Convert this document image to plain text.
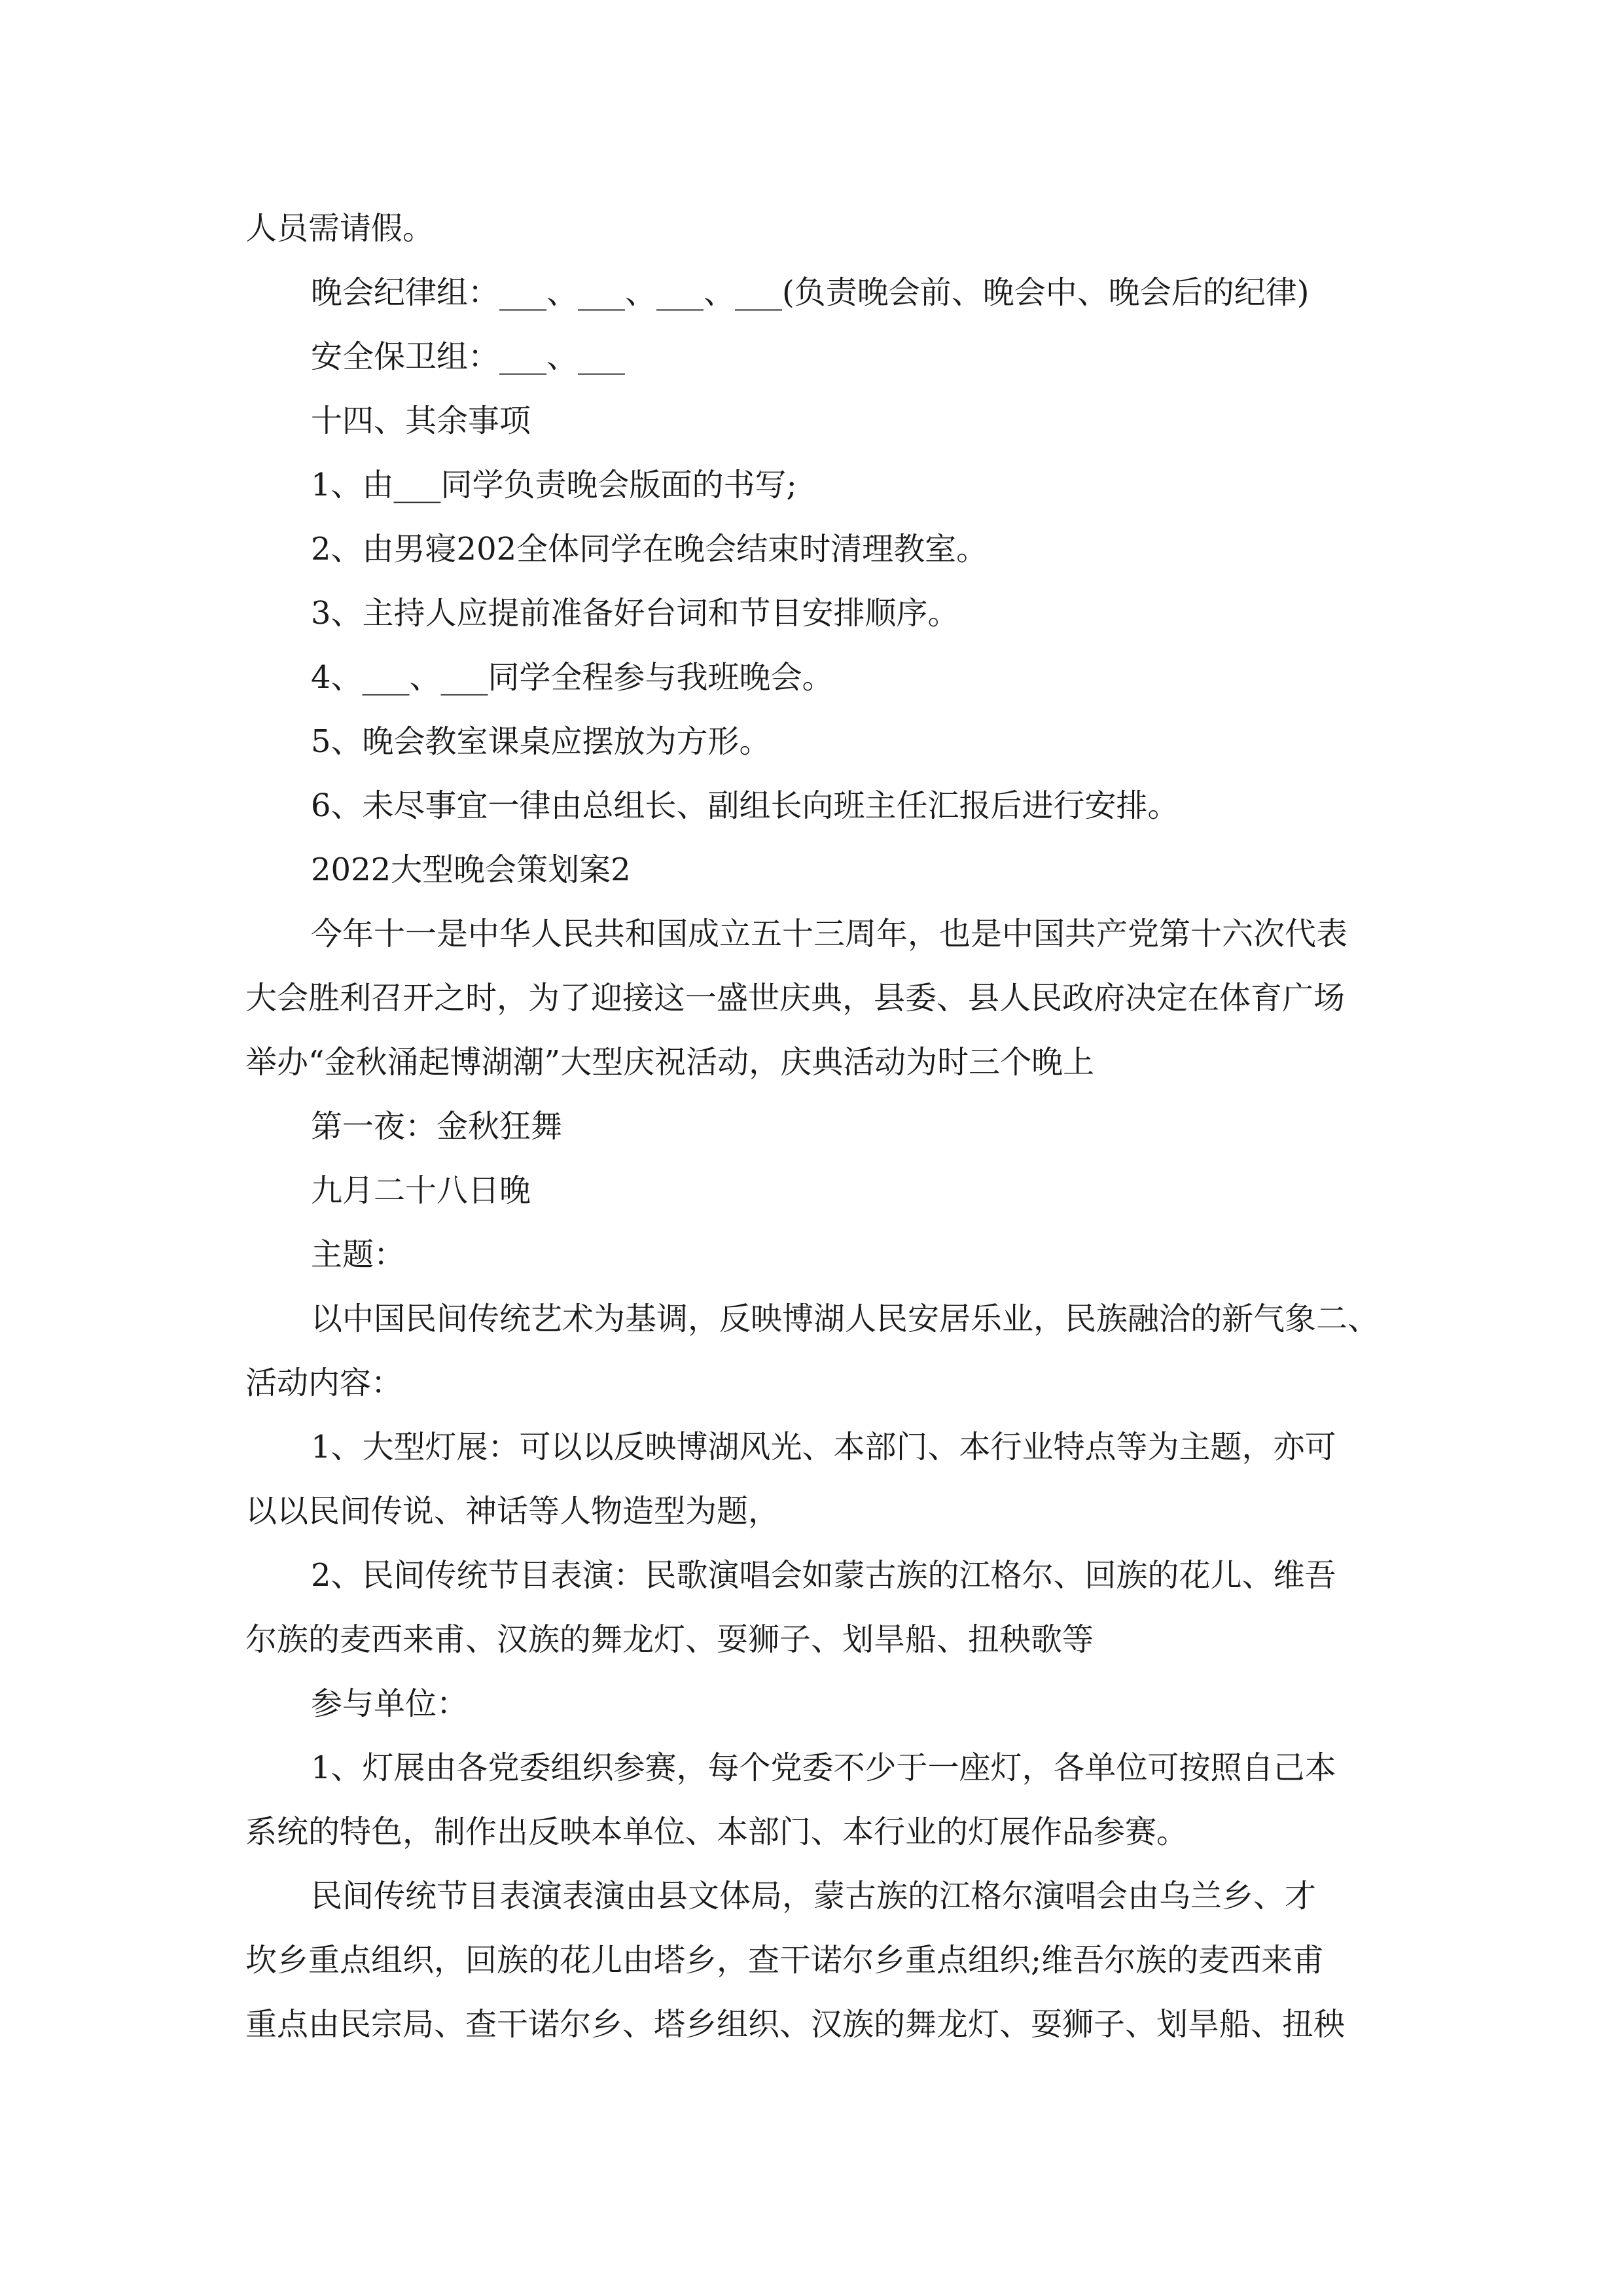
人员需请假。

晚会纪律组：___、___、___、___(负责晚会前、晚会中、晚会后的纪律)

安全保卫组：___、___

十四、其余事项

1、由___同学负责晚会版面的书写;

2、由男寝202全体同学在晚会结束时清理教室。

3、主持人应提前准备好台词和节目安排顺序。

4、___、___同学全程参与我班晚会。

5、晚会教室课桌应摆放为方形。

6、未尽事宜一律由总组长、副组长向班主任汇报后进行安排。

2022大型晚会策划案2

今年十一是中华人民共和国成立五十三周年，也是中国共产党第十六次代表

大会胜利召开之时，为了迎接这一盛世庆典，县委、县人民政府决定在体育广场

举办“金秋涌起博湖潮”大型庆祝活动，庆典活动为时三个晚上

第一夜：金秋狂舞

九月二十八日晚

主题：

以中国民间传统艺术为基调，反映博湖人民安居乐业，民族融洽的新气象二、

活动内容：

1、大型灯展：可以以反映博湖风光、本部门、本行业特点等为主题，亦可

以以民间传说、神话等人物造型为题，

2、民间传统节目表演：民歌演唱会如蒙古族的江格尔、回族的花儿、维吾

尔族的麦西来甫、汉族的舞龙灯、耍狮子、划旱船、扭秧歌等

参与单位：

1、灯展由各党委组织参赛，每个党委不少于一座灯，各单位可按照自己本

系统的特色，制作出反映本单位、本部门、本行业的灯展作品参赛。

民间传统节目表演表演由县文体局，蒙古族的江格尔演唱会由乌兰乡、才

坎乡重点组织，回族的花儿由塔乡，查干诺尔乡重点组织;维吾尔族的麦西来甫

重点由民宗局、查干诺尔乡、塔乡组织、汉族的舞龙灯、耍狮子、划旱船、扭秧
